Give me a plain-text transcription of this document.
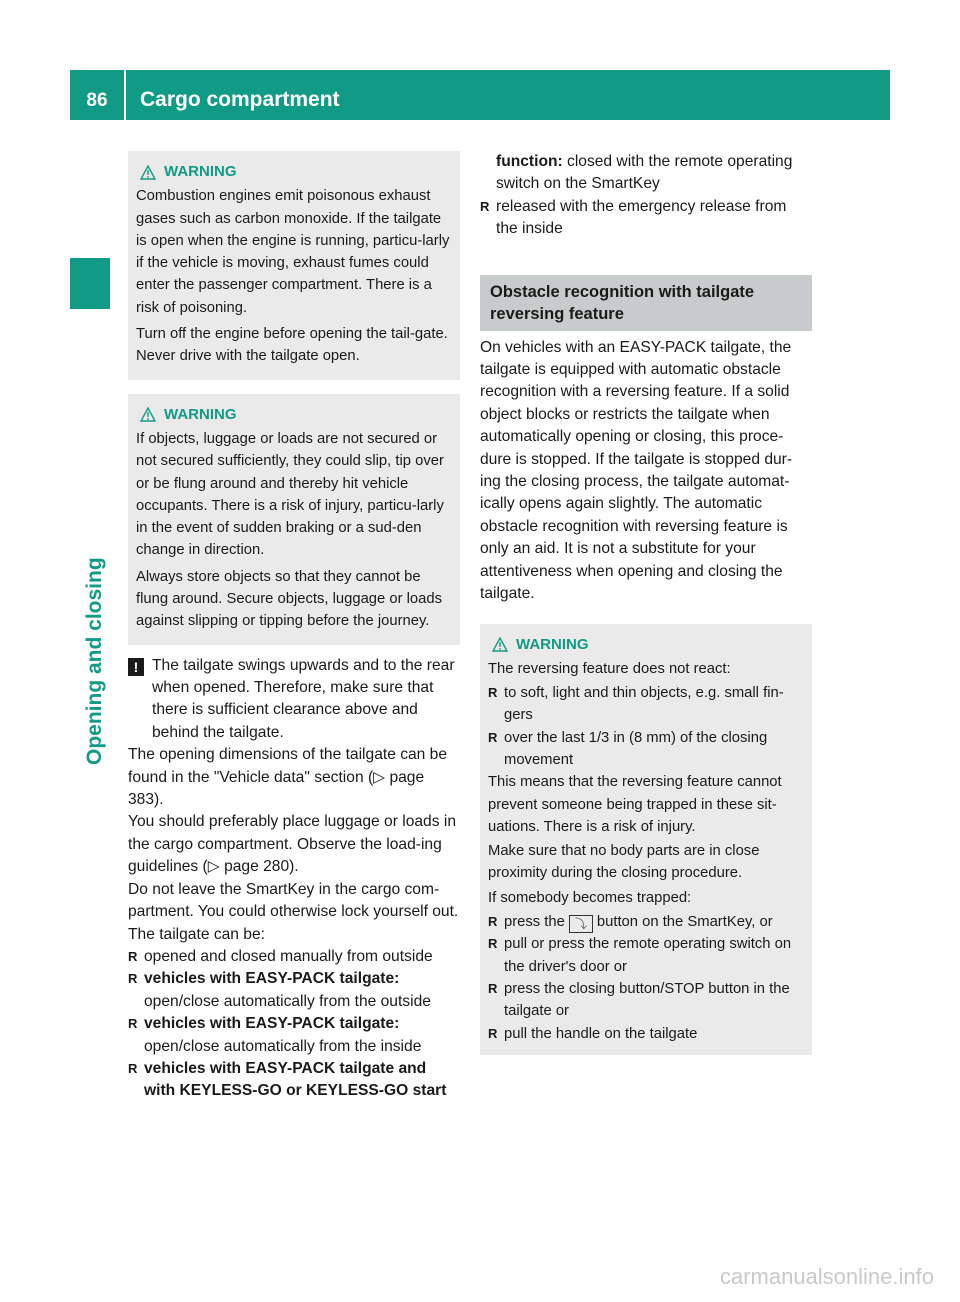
86	Cargo compartment
Opening and closing

WARNING

Combustion engines emit poisonous exhaust gases such as carbon monoxide. If the tailgate is open when the engine is running, particu-larly if the vehicle is moving, exhaust fumes could enter the passenger compartment. There is a risk of poisoning.

Turn off the engine before opening the tail-gate. Never drive with the tailgate open.

WARNING

If objects, luggage or loads are not secured or not secured sufficiently, they could slip, tip over or be flung around and thereby hit vehicle occupants. There is a risk of injury, particu-larly in the event of sudden braking or a sud-den change in direction.

Always store objects so that they cannot be flung around. Secure objects, luggage or loads against slipping or tipping before the journey.

! The tailgate swings upwards and to the rear when opened. Therefore, make sure that there is sufficient clearance above and behind the tailgate.

The opening dimensions of the tailgate can be found in the "Vehicle data" section (▷ page 383).

You should preferably place luggage or loads in the cargo compartment. Observe the load-ing guidelines (▷ page 280).

Do not leave the SmartKey in the cargo com-partment. You could otherwise lock yourself out.

The tailgate can be:

R opened and closed manually from outside
R vehicles with EASY-PACK tailgate:
open/close automatically from the outside
R vehicles with EASY-PACK tailgate:
open/close automatically from the inside
R vehicles with EASY-PACK tailgate and with KEYLESS-GO or KEYLESS-GO start

function: closed with the remote operating switch on the SmartKey

R released with the emergency release from the inside
Obstacle recognition with tailgate reversing feature

On vehicles with an EASY-PACK tailgate, the tailgate is equipped with automatic obstacle recognition with a reversing feature. If a solid object blocks or restricts the tailgate when automatically opening or closing, this proce-dure is stopped. If the tailgate is stopped dur-ing the closing process, the tailgate automat-ically opens again slightly. The automatic obstacle recognition with reversing feature is only an aid. It is not a substitute for your attentiveness when opening and closing the tailgate.

WARNING

The reversing feature does not react:

R to soft, light and thin objects, e.g. small fin-gers
R over the last 1/3 in (8 mm) of the closing movement

This means that the reversing feature cannot prevent someone being trapped in these sit-uations. There is a risk of injury.

Make sure that no body parts are in close proximity during the closing procedure.

If somebody becomes trapped:

R press the ⤵ button on the SmartKey, or
R pull or press the remote operating switch on the driver's door or
R press the closing button/STOP button in the tailgate or
R pull the handle on the tailgate
carmanualsonline.info
